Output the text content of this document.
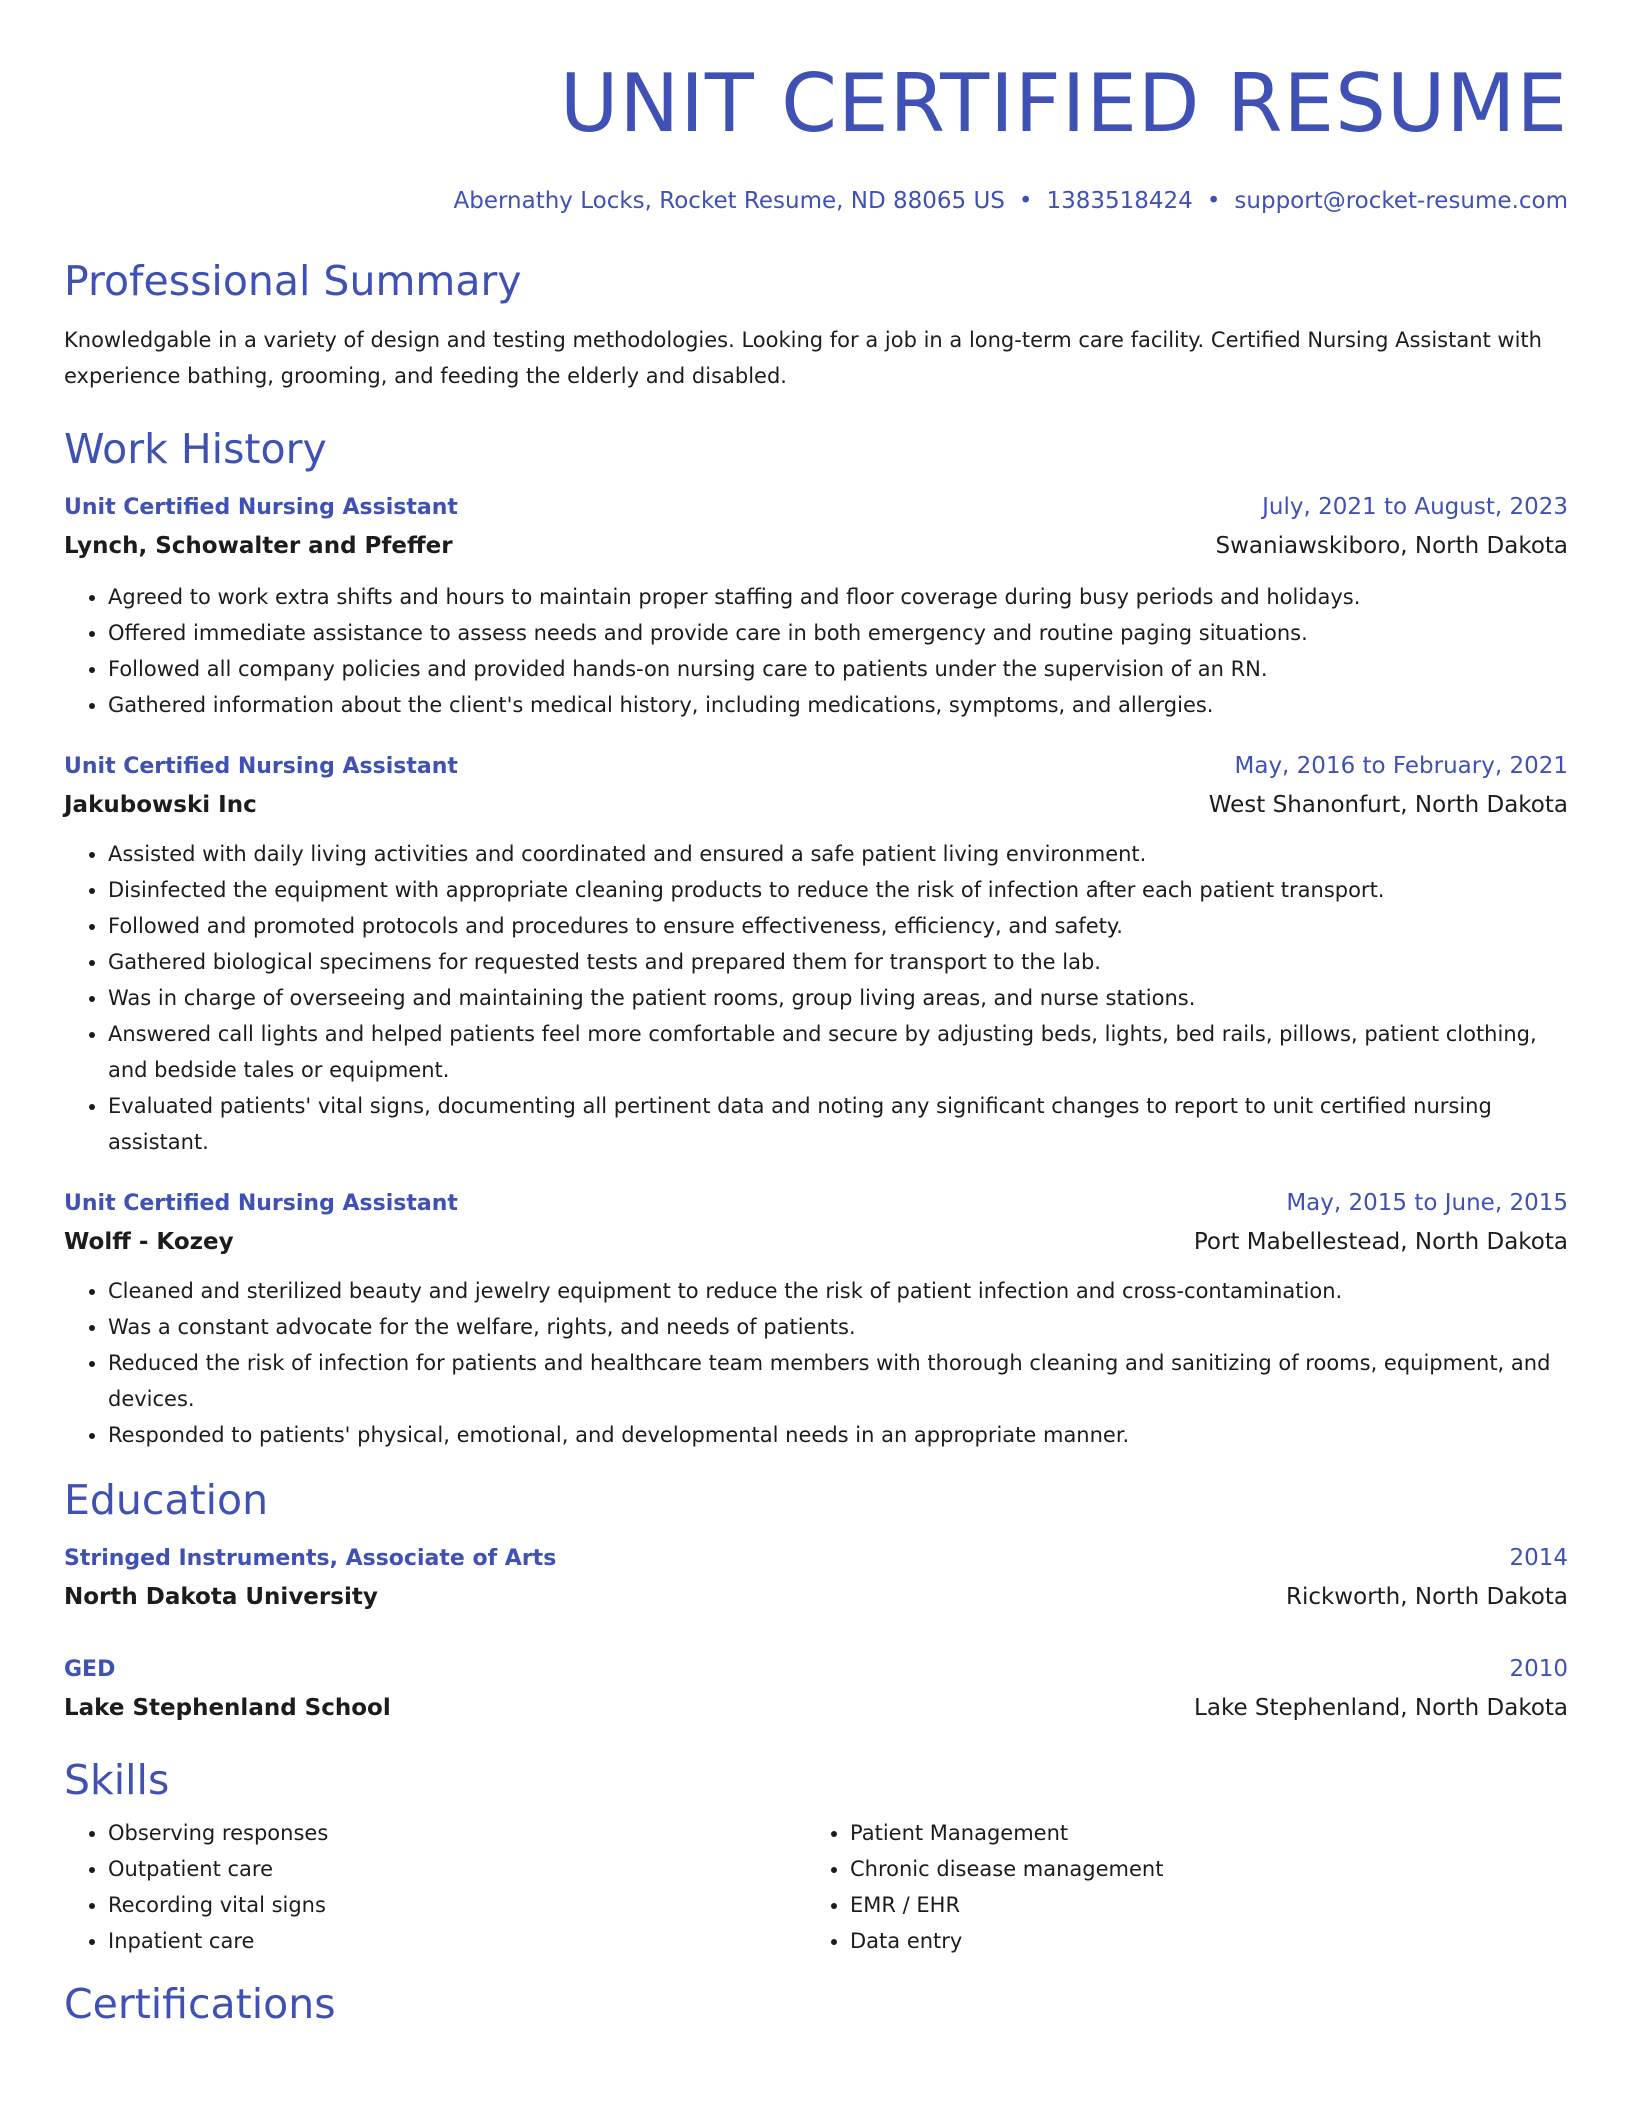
UNIT CERTIFIED RESUME
Abernathy Locks, Rocket Resume, ND 88065 US • 1383518424 • support@rocket-resume.com
Professional Summary
Knowledgable in a variety of design and testing methodologies. Looking for a job in a long-term care facility. Certified Nursing Assistant with experience bathing, grooming, and feeding the elderly and disabled.
Work History
Unit Certified Nursing Assistant	July, 2021 to August, 2023
Lynch, Schowalter and Pfeffer	Swaniawskiboro, North Dakota
• Agreed to work extra shifts and hours to maintain proper staffing and floor coverage during busy periods and holidays.
• Offered immediate assistance to assess needs and provide care in both emergency and routine paging situations.
• Followed all company policies and provided hands-on nursing care to patients under the supervision of an RN.
• Gathered information about the client's medical history, including medications, symptoms, and allergies.
Unit Certified Nursing Assistant	May, 2016 to February, 2021
Jakubowski Inc	West Shanonfurt, North Dakota
• Assisted with daily living activities and coordinated and ensured a safe patient living environment.
• Disinfected the equipment with appropriate cleaning products to reduce the risk of infection after each patient transport.
• Followed and promoted protocols and procedures to ensure effectiveness, efficiency, and safety.
• Gathered biological specimens for requested tests and prepared them for transport to the lab.
• Was in charge of overseeing and maintaining the patient rooms, group living areas, and nurse stations.
• Answered call lights and helped patients feel more comfortable and secure by adjusting beds, lights, bed rails, pillows, patient clothing, and bedside tales or equipment.
• Evaluated patients' vital signs, documenting all pertinent data and noting any significant changes to report to unit certified nursing assistant.
Unit Certified Nursing Assistant	May, 2015 to June, 2015
Wolff - Kozey	Port Mabellestead, North Dakota
• Cleaned and sterilized beauty and jewelry equipment to reduce the risk of patient infection and cross-contamination.
• Was a constant advocate for the welfare, rights, and needs of patients.
• Reduced the risk of infection for patients and healthcare team members with thorough cleaning and sanitizing of rooms, equipment, and devices.
• Responded to patients' physical, emotional, and developmental needs in an appropriate manner.
Education
Stringed Instruments, Associate of Arts	2014
North Dakota University	Rickworth, North Dakota
GED	2010
Lake Stephenland School	Lake Stephenland, North Dakota
Skills
• Observing responses
• Outpatient care
• Recording vital signs
• Inpatient care
• Patient Management
• Chronic disease management
• EMR / EHR
• Data entry
Certifications
